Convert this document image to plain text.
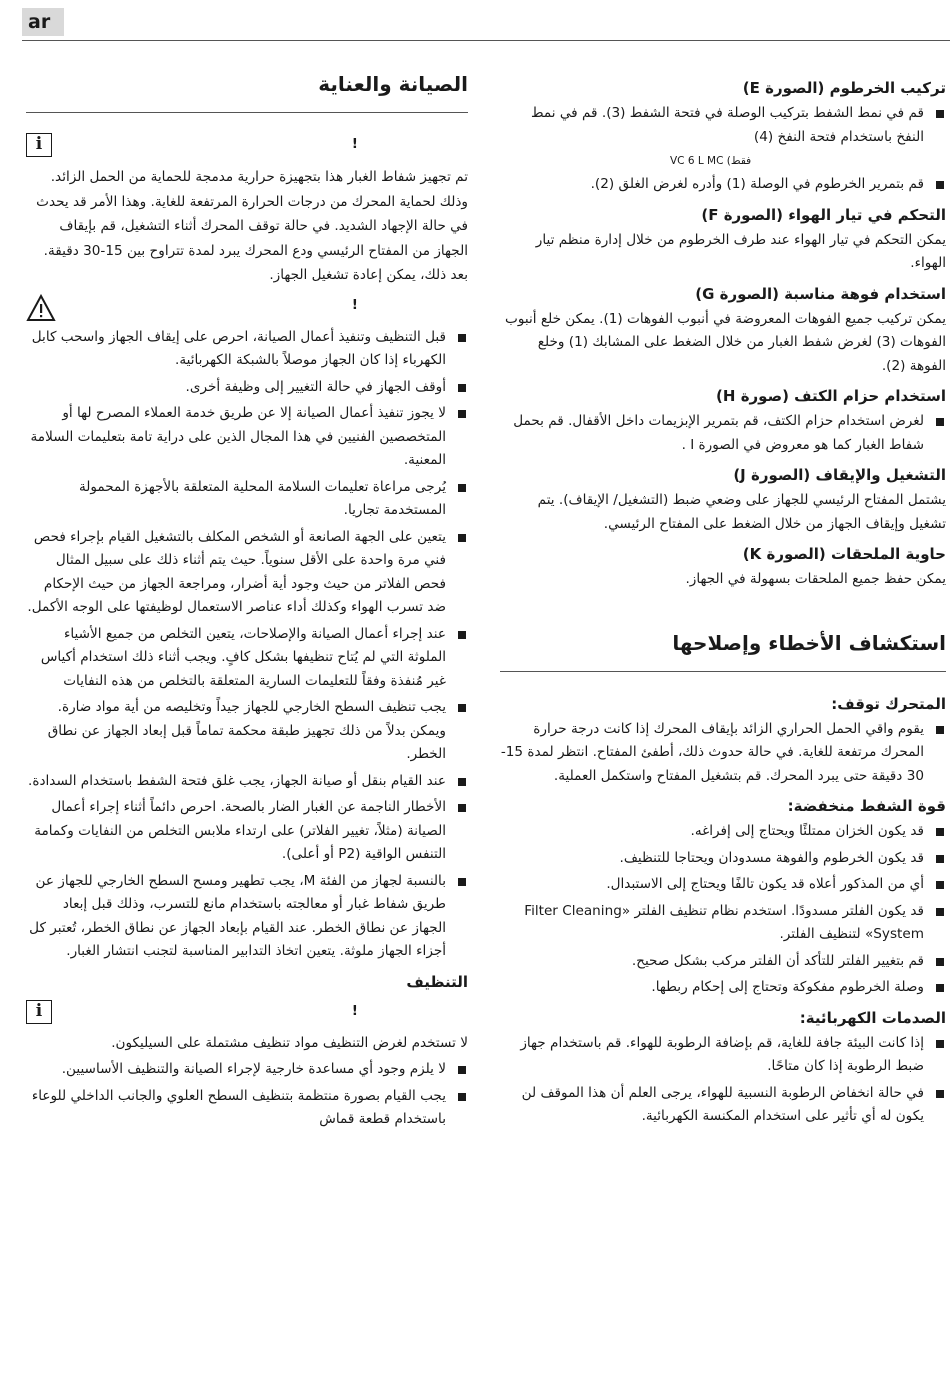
ar
تركيب الخرطوم (الصورة E)
قم في نمط الشفط بتركيب الوصلة في فتحة الشفط (3). قم في نمط النفخ باستخدام فتحة النفخ (4)

VC 6 L MC (فقط

قم بتمرير الخرطوم في الوصلة (1) وأدره لغرض الغلق (2).
التحكم في تيار الهواء (الصورة F)

يمكن التحكم في تيار الهواء عند طرف الخرطوم من خلال إدارة منظم تيار الهواء.

استخدام فوهة مناسبة (الصورة G)

يمكن تركيب جميع الفوهات المعروضة في أنبوب الفوهات (1). يمكن خلع أنبوب الفوهات (3) لغرض شفط الغبار من خلال الضغط على المشابك (1) وخلع الفوهة (2).

استخدام حزام الكتف (صورة H)
لغرض استخدام حزام الكتف، قم بتمرير الإبزيمات داخل الأقفال. قم بحمل شفاط الغبار كما هو معروض في الصورة I .
التشغيل والإيقاف (الصورة J)

يشتمل المفتاح الرئيسي للجهاز على وضعي ضبط (التشغيل/ الإيقاف). يتم تشغيل وإيقاف الجهاز من خلال الضغط على المفتاح الرئيسي.

حاوية الملحقات (الصورة K)

يمكن حفظ جميع الملحقات بسهولة في الجهاز.

استكشاف الأخطاء وإصلاحها
المتحرك توقف:
يقوم واقي الحمل الحراري الزائد بإيقاف المحرك إذا كانت درجة حرارة المحرك مرتفعة للغاية. في حالة حدوث ذلك، أطفئ المفتاح. انتظر لمدة 15-30 دقيقة حتى يبرد المحرك. قم بتشغيل المفتاح واستكمل العملية.
قوة الشفط منخفضة:
قد يكون الخزان ممتلئًا ويحتاج إلى إفراغه.
قد يكون الخرطوم والفوهة مسدودان ويحتاجا للتنظيف.
أي من المذكور أعلاه قد يكون تالفًا ويحتاج إلى الاستبدال.
قد يكون الفلتر مسدودًا. استخدم نظام تنظيف الفلتر «Filter Cleaning System» لتنظيف الفلتر.
قم بتغيير الفلتر للتأكد أن الفلتر مركب بشكل صحيح.
وصلة الخرطوم مفكوكة وتحتاج إلى إحكام ربطها.
الصدمات الكهربائية:
إذا كانت البيئة جافة للغاية، قم بإضافة الرطوبة للهواء. قم باستخدام جهاز ضبط الرطوبة إذا كان متاحًا.
في حالة انخفاض الرطوبة النسبية للهواء، يرجى العلم أن هذا الموقف لن يكون له أي تأثير على استخدام المكنسة الكهربائية.
الصيانة والعناية
i	!

تم تجهيز شفاط الغبار هذا بتجهيزة حرارية مدمجة للحماية من الحمل الزائد. وذلك لحماية المحرك من درجات الحرارة المرتفعة للغاية. وهذا الأمر قد يحدث في حالة الإجهاد الشديد. في حالة توقف المحرك أثناء التشغيل، قم بإيقاف الجهاز من المفتاح الرئيسي ودع المحرك يبرد لمدة تتراوح بين 15-30 دقيقة. بعد ذلك، يمكن إعادة تشغيل الجهاز.

!
قبل التنظيف وتنفيذ أعمال الصيانة، احرص على إيقاف الجهاز واسحب كابل الكهرباء إذا كان الجهاز موصلاً بالشبكة الكهربائية.
أوقف الجهاز في حالة التغيير إلى وظيفة أخرى.
لا يجوز تنفيذ أعمال الصيانة إلا عن طريق خدمة العملاء المصرح لها أو المتخصصين الفنيين في هذا المجال الذين على دراية تامة بتعليمات السلامة المعنية.
يُرجى مراعاة تعليمات السلامة المحلية المتعلقة بالأجهزة المحمولة المستخدمة تجاريا.
يتعين على الجهة الصانعة أو الشخص المكلف بالتشغيل القيام بإجراء فحص فني مرة واحدة على الأقل سنوياً. حيث يتم أثناء ذلك على سبيل المثال فحص الفلاتر من حيث وجود أية أضرار، ومراجعة الجهاز من حيث الإحكام ضد تسرب الهواء وكذلك أداء عناصر الاستعمال لوظيفتها على الوجه الأكمل.
عند إجراء أعمال الصيانة والإصلاحات، يتعين التخلص من جميع الأشياء الملوثة التي لم يُتاح تنظيفها بشكل كافٍ. ويجب أثناء ذلك استخدام أكياس غير مُنفذة وفقاً للتعليمات السارية المتعلقة بالتخلص من هذه النفايات
يجب تنظيف السطح الخارجي للجهاز جيداً وتخليصه من أية مواد ضارة. ويمكن بدلاً من ذلك تجهيز طبقة محكمة تماماً قبل إبعاد الجهاز عن نطاق الخطر.
عند القيام بنقل أو صيانة الجهاز، يجب غلق فتحة الشفط باستخدام السدادة.
الأخطار الناجمة عن الغبار الضار بالصحة. احرص دائماً أثناء إجراء أعمال الصيانة (مثلاً، تغيير الفلاتر) على ارتداء ملابس التخلص من النفايات وكمامة التنفس الواقية (P2 أو أعلى).
بالنسبة لجهاز من الفئة M، يجب تطهير ومسح السطح الخارجي للجهاز عن طريق شفاط غبار أو معالجته باستخدام مانع للتسرب، وذلك قبل إبعاد الجهاز عن نطاق الخطر. عند القيام بإبعاد الجهاز عن نطاق الخطر، تُعتبر كل أجزاء الجهاز ملوثة. يتعين اتخاذ التدابير المناسبة لتجنب انتشار الغبار.
التنظيف
i	!

لا تستخدم لغرض التنظيف مواد تنظيف مشتملة على السيليكون.

لا يلزم وجود أي مساعدة خارجية لإجراء الصيانة والتنظيف الأساسيين.
يجب القيام بصورة منتظمة بتنظيف السطح العلوي والجانب الداخلي للوعاء باستخدام قطعة قماش
